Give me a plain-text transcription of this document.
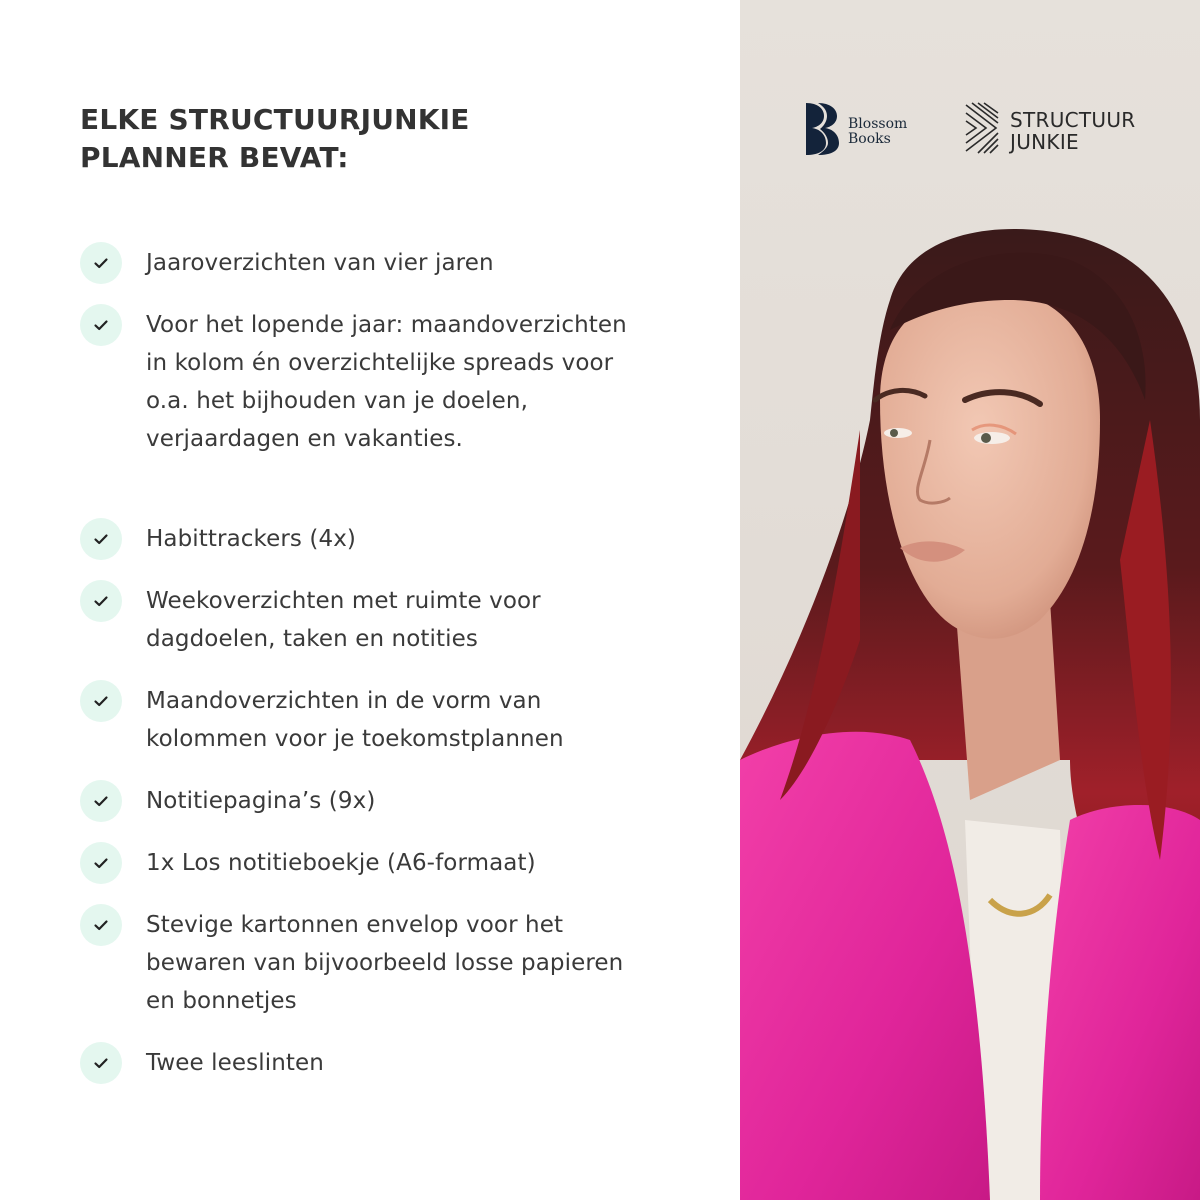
ELKE STRUCTUURJUNKIE
PLANNER BEVAT:
Jaaroverzichten van vier jaren
Voor het lopende jaar: maandoverzichten in kolom én overzichtelijke spreads voor o.a. het bijhouden van je doelen, verjaardagen en vakanties.
Habittrackers (4x)
Weekoverzichten met ruimte voor dagdoelen, taken en notities
Maandoverzichten in de vorm van kolommen voor je toekomstplannen
Notitiepagina’s (9x)
1x Los notitieboekje (A6-formaat)
Stevige kartonnen envelop voor het bewaren van bijvoorbeeld losse papieren en bonnetjes
Twee leeslinten
Blossom
Books
STRUCTUUR
JUNKIE
